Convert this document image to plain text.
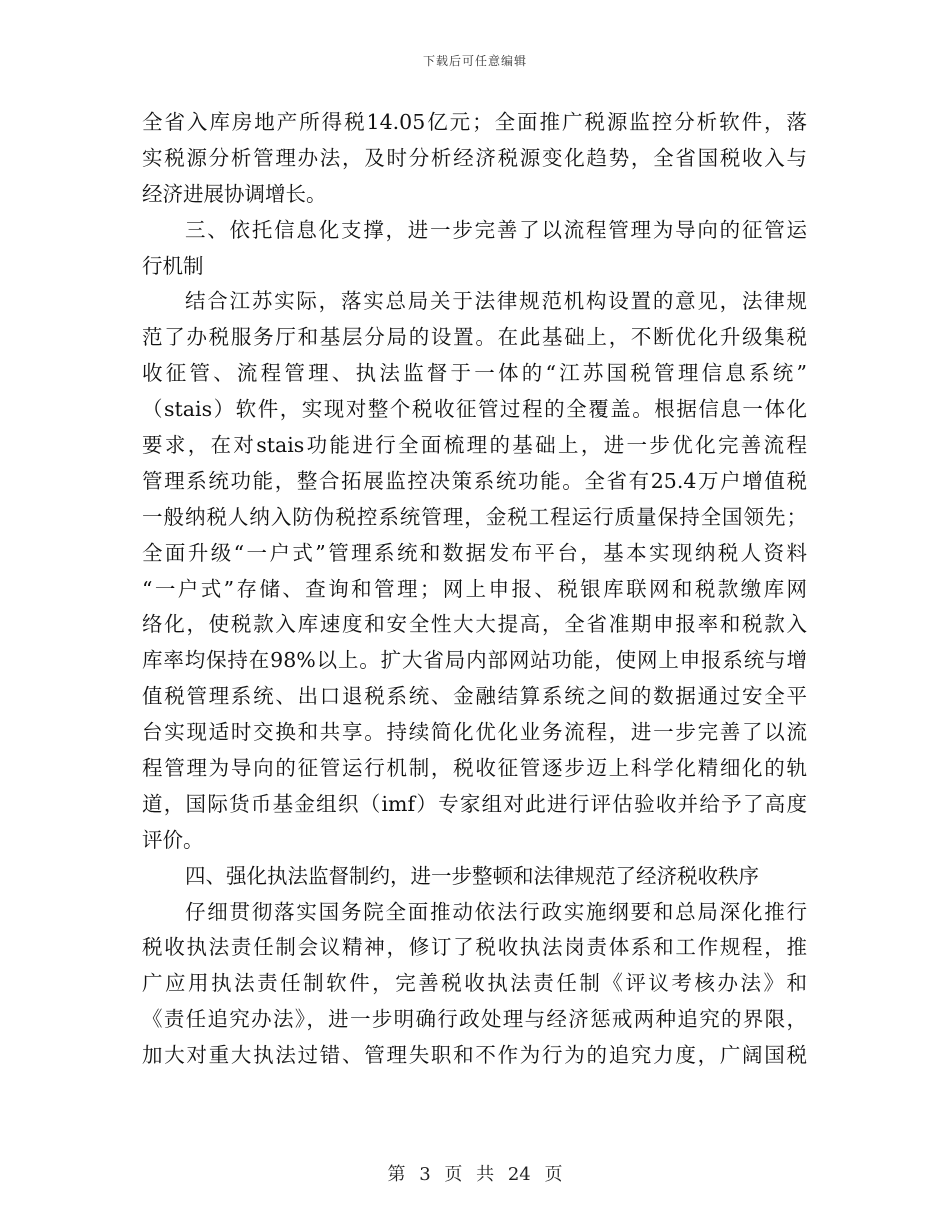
下载后可任意编辑
全省入库房地产所得税14.05亿元；全面推广税源监控分析软件，落
实税源分析管理办法，及时分析经济税源变化趋势，全省国税收入与
经济进展协调增长。
三、依托信息化支撑，进一步完善了以流程管理为导向的征管运
行机制
结合江苏实际，落实总局关于法律规范机构设置的意见，法律规
范了办税服务厅和基层分局的设置。在此基础上，不断优化升级集税
收征管、流程管理、执法监督于一体的“江苏国税管理信息系统”
（stais）软件，实现对整个税收征管过程的全覆盖。根据信息一体化
要求，在对stais功能进行全面梳理的基础上，进一步优化完善流程
管理系统功能，整合拓展监控决策系统功能。全省有25.4万户增值税
一般纳税人纳入防伪税控系统管理，金税工程运行质量保持全国领先；
全面升级“一户式”管理系统和数据发布平台，基本实现纳税人资料
“一户式”存储、查询和管理；网上申报、税银库联网和税款缴库网
络化，使税款入库速度和安全性大大提高，全省准期申报率和税款入
库率均保持在98%以上。扩大省局内部网站功能，使网上申报系统与增
值税管理系统、出口退税系统、金融结算系统之间的数据通过安全平
台实现适时交换和共享。持续简化优化业务流程，进一步完善了以流
程管理为导向的征管运行机制，税收征管逐步迈上科学化精细化的轨
道，国际货币基金组织（imf）专家组对此进行评估验收并给予了高度
评价。
四、强化执法监督制约，进一步整顿和法律规范了经济税收秩序
仔细贯彻落实国务院全面推动依法行政实施纲要和总局深化推行
税收执法责任制会议精神，修订了税收执法岗责体系和工作规程，推
广应用执法责任制软件，完善税收执法责任制《评议考核办法》和
《责任追究办法》，进一步明确行政处理与经济惩戒两种追究的界限，
加大对重大执法过错、管理失职和不作为行为的追究力度，广阔国税
第 3 页 共 24 页
